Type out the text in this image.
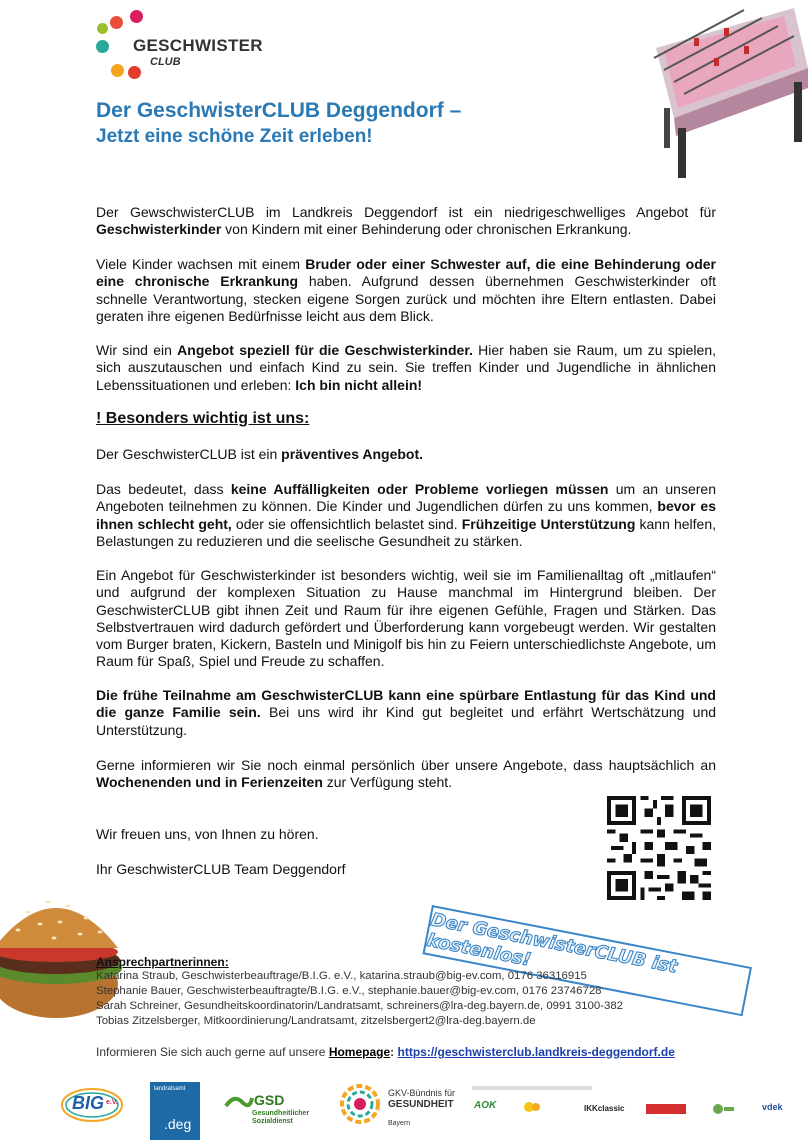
GESCHWISTER
CLUB
Der GeschwisterCLUB Deggendorf –
Jetzt eine schöne Zeit erleben!
Der GewschwisterCLUB im Landkreis Deggendorf ist ein niedrigeschwelliges Angebot für Geschwisterkinder von Kindern mit einer Behinderung oder chronischen Erkrankung.
Viele Kinder wachsen mit einem Bruder oder einer Schwester auf, die eine Behinderung oder eine chronische Erkrankung haben. Aufgrund dessen übernehmen Geschwisterkinder oft schnelle Verantwortung, stecken eigene Sorgen zurück und möchten ihre Eltern entlasten. Dabei geraten ihre eigenen Bedürfnisse leicht aus dem Blick.
Wir sind ein Angebot speziell für die Geschwisterkinder. Hier haben sie Raum, um zu spielen, sich auszutauschen und einfach Kind zu sein. Sie treffen Kinder und Jugendliche in ähnlichen Lebenssituationen und erleben: Ich bin nicht allein!
! Besonders wichtig ist uns:
Der GeschwisterCLUB ist ein präventives Angebot.
Das bedeutet, dass keine Auffälligkeiten oder Probleme vorliegen müssen um an unseren Angeboten teilnehmen zu können. Die Kinder und Jugendlichen dürfen zu uns kommen, bevor es ihnen schlecht geht, oder sie offensichtlich belastet sind. Frühzeitige Unterstützung kann helfen, Belastungen zu reduzieren und die seelische Gesundheit zu stärken.
Ein Angebot für Geschwisterkinder ist besonders wichtig, weil sie im Familienalltag oft „mitlaufen“ und aufgrund der komplexen Situation zu Hause manchmal im Hintergrund bleiben. Der GeschwisterCLUB gibt ihnen Zeit und Raum für ihre eigenen Gefühle, Fragen und Stärken. Das Selbstvertrauen wird dadurch gefördert und Überforderung kann vorgebeugt werden. Wir gestalten vom Burger braten, Kickern, Basteln und Minigolf bis hin zu Feiern unterschiedlichste Angebote, um Raum für Spaß, Spiel und Freude zu schaffen.
Die frühe Teilnahme am GeschwisterCLUB kann eine spürbare Entlastung für das Kind und die ganze Familie sein. Bei uns wird ihr Kind gut begleitet und erfährt Wertschätzung und Unterstützung.
Gerne informieren wir Sie noch einmal persönlich über unsere Angebote, dass hauptsächlich an Wochenenden und in Ferienzeiten zur Verfügung steht.
Wir freuen uns, von Ihnen zu hören.
Ihr GeschwisterCLUB Team Deggendorf
Der GeschwisterCLUB ist kostenlos!
Ansprechpartnerinnen:
Katarina Straub, Geschwisterbeauftrage/B.I.G. e.V., katarina.straub@big-ev.com, 0176 36316915
Stephanie Bauer, Geschwisterbeauftragte/B.I.G. e.V., stephanie.bauer@big-ev.com, 0176 23746728
Sarah Schreiner, Gesundheitskoordinatorin/Landratsamt, schreiners@lra-deg.bayern.de, 0991 3100-382
Tobias Zitzelsberger, Mitkoordinierung/Landratsamt, zitzelsbergert2@lra-deg.bayern.de
Informieren Sie sich auch gerne auf unsere Homepage: https://geschwisterclub.landkreis-deggendorf.de
BIG e.V.
landratsamt
.deg
GSD
Gesundheitlicher
Sozialdienst
GKV-Bündnis für
GESUNDHEIT
Bayern
AOK	IKKclassic	vdek
